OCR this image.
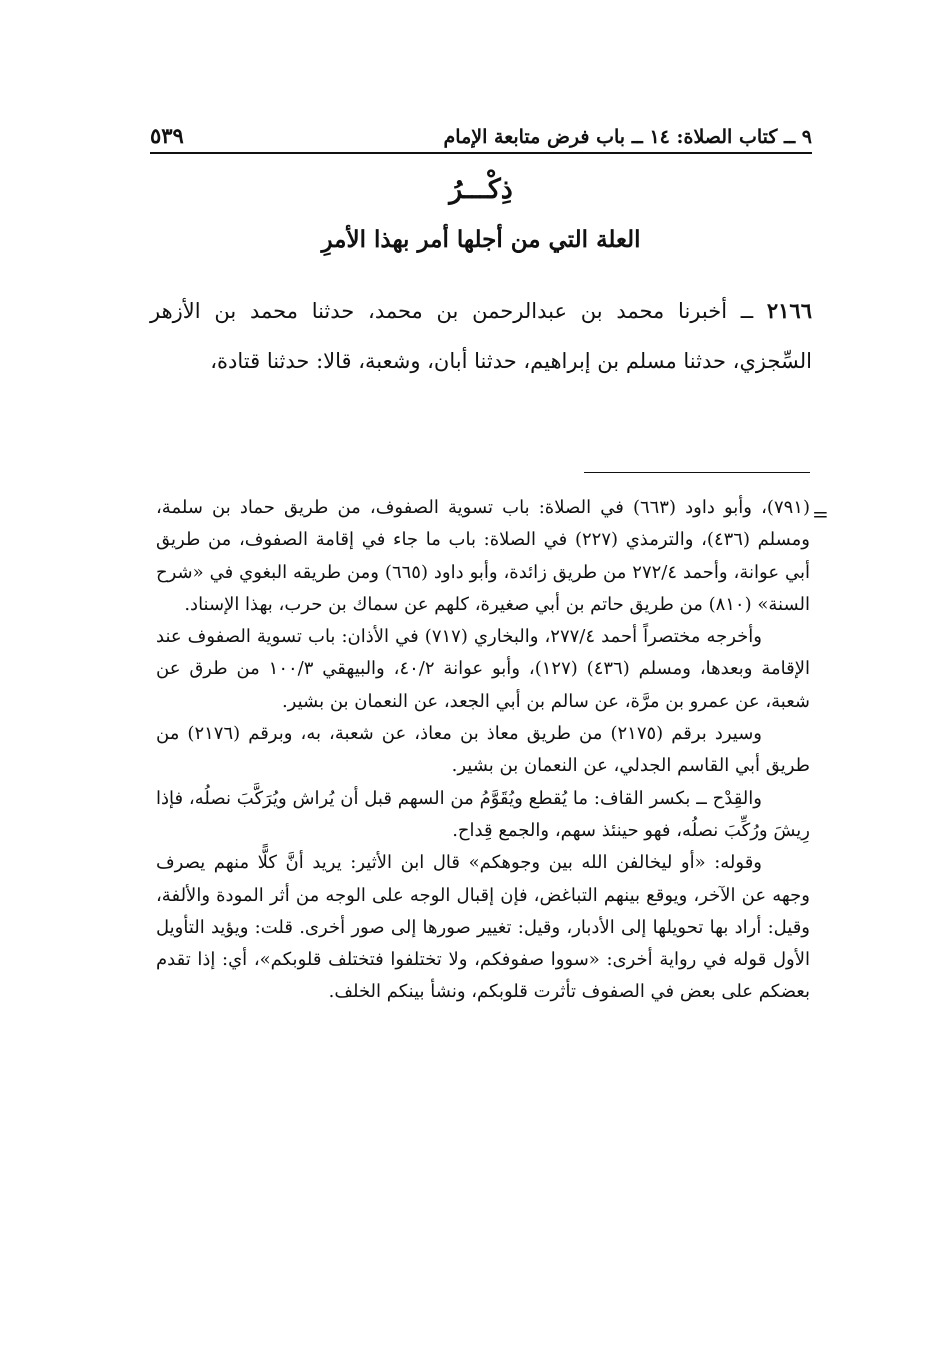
٩ ــ كتاب الصلاة: ١٤ ــ باب فرض متابعة الإمام
٥٣٩
ذِكْـــرُ
العلة التي من أجلها أمر بهذا الأمرِ

٢١٦٦ ــ أخبرنا محمد بن عبدالرحمن بن محمد، حدثنا محمد بن الأزهر السِّجزي، حدثنا مسلم بن إبراهيم، حدثنا أبان، وشعبة، قالا: حدثنا قتادة،

=

(٧٩١)، وأبو داود (٦٦٣) في الصلاة: باب تسوية الصفوف، من طريق حماد بن سلمة، ومسلم (٤٣٦)، والترمذي (٢٢٧) في الصلاة: باب ما جاء في إقامة الصفوف، من طريق أبي عوانة، وأحمد ٢٧٢/٤ من طريق زائدة، وأبو داود (٦٦٥) ومن طريقه البغوي في «شرح السنة» (٨١٠) من طريق حاتم بن أبي صغيرة، كلهم عن سماك بن حرب، بهذا الإسناد.

وأخرجه مختصراً أحمد ٢٧٧/٤، والبخاري (٧١٧) في الأذان: باب تسوية الصفوف عند الإقامة وبعدها، ومسلم (٤٣٦) (١٢٧)، وأبو عوانة ٤٠/٢، والبيهقي ١٠٠/٣ من طرق عن شعبة، عن عمرو بن مرَّة، عن سالم بن أبي الجعد، عن النعمان بن بشير.

وسيرد برقم (٢١٧٥) من طريق معاذ بن معاذ، عن شعبة، به، وبرقم (٢١٧٦) من طريق أبي القاسم الجدلي، عن النعمان بن بشير.

والقِدْح ــ بكسر القاف: ما يُقطع ويُقَوَّمُ من السهم قبل أن يُراش ويُرَكَّبَ نصلُه، فإذا رِيشَ ورُكِّبَ نصلُه، فهو حينئذ سهم، والجمع قِداح.

وقوله: «أو ليخالفن الله بين وجوهكم» قال ابن الأثير: يريد أنَّ كلًّا منهم يصرف وجهه عن الآخر، ويوقع بينهم التباغض، فإن إقبال الوجه على الوجه من أثر المودة والألفة، وقيل: أراد بها تحويلها إلى الأدبار، وقيل: تغيير صورها إلى صور أخرى. قلت: ويؤيد التأويل الأول قوله في رواية أخرى: «سووا صفوفكم، ولا تختلفوا فتختلف قلوبكم»، أي: إذا تقدم بعضكم على بعض في الصفوف تأثرت قلوبكم، ونشأ بينكم الخلف.
